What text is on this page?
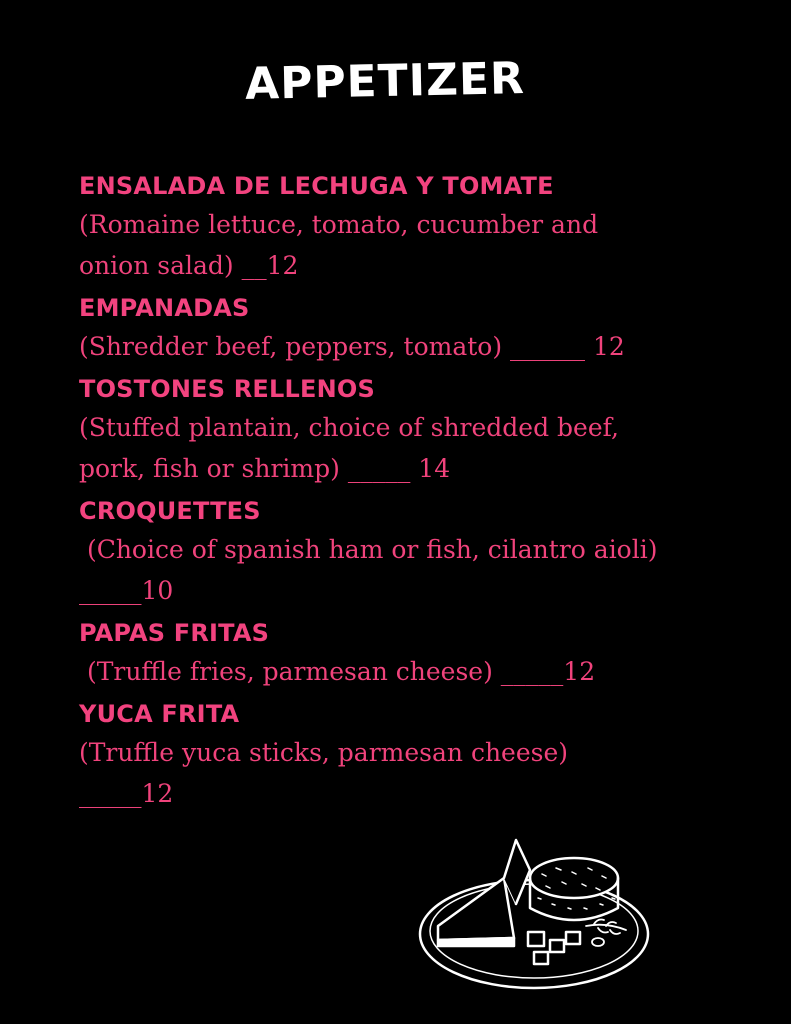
APPETIZER
ENSALADA DE LECHUGA Y TOMATE
(Romaine lettuce, tomato, cucumber and
onion salad) __12
EMPANADAS
(Shredder beef, peppers, tomato) ______ 12
TOSTONES RELLENOS
(Stuffed plantain, choice of shredded beef,
pork, fish or shrimp) _____ 14
CROQUETTES
(Choice of spanish ham or fish, cilantro aioli)
_____10
PAPAS FRITAS
(Truffle fries, parmesan cheese) _____12
YUCA FRITA
(Truffle yuca sticks, parmesan cheese)
_____12
